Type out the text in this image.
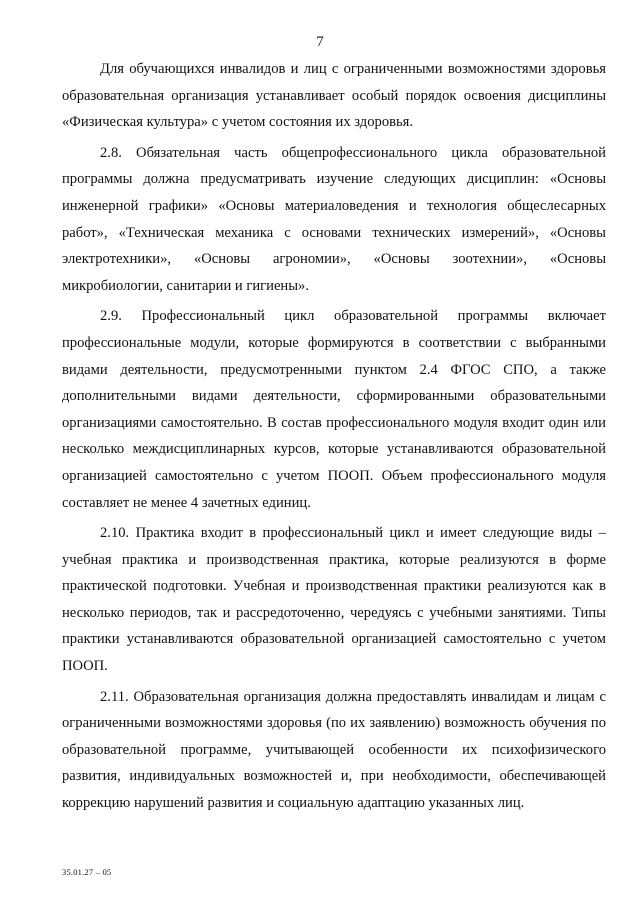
7

Для обучающихся инвалидов и лиц с ограниченными возможностями здоровья образовательная организация устанавливает особый порядок освоения дисциплины «Физическая культура» с учетом состояния их здоровья.

2.8. Обязательная часть общепрофессионального цикла образовательной программы должна предусматривать изучение следующих дисциплин: «Основы инженерной графики» «Основы материаловедения и технология общеслесарных работ», «Техническая механика с основами технических измерений», «Основы электротехники», «Основы агрономии», «Основы зоотехнии», «Основы микробиологии, санитарии и гигиены».

2.9. Профессиональный цикл образовательной программы включает профессиональные модули, которые формируются в соответствии с выбранными видами деятельности, предусмотренными пунктом 2.4 ФГОС СПО, а также дополнительными видами деятельности, сформированными образовательными организациями самостоятельно. В состав профессионального модуля входит один или несколько междисциплинарных курсов, которые устанавливаются образовательной организацией самостоятельно с учетом ПООП. Объем профессионального модуля составляет не менее 4 зачетных единиц.

2.10. Практика входит в профессиональный цикл и имеет следующие виды – учебная практика и производственная практика, которые реализуются в форме практической подготовки. Учебная и производственная практики реализуются как в несколько периодов, так и рассредоточенно, чередуясь с учебными занятиями. Типы практики устанавливаются образовательной организацией самостоятельно с учетом ПООП.

2.11. Образовательная организация должна предоставлять инвалидам и лицам с ограниченными возможностями здоровья (по их заявлению) возможность обучения по образовательной программе, учитывающей особенности их психофизического развития, индивидуальных возможностей и, при необходимости, обеспечивающей коррекцию нарушений развития и социальную адаптацию указанных лиц.

35.01.27 – 05
